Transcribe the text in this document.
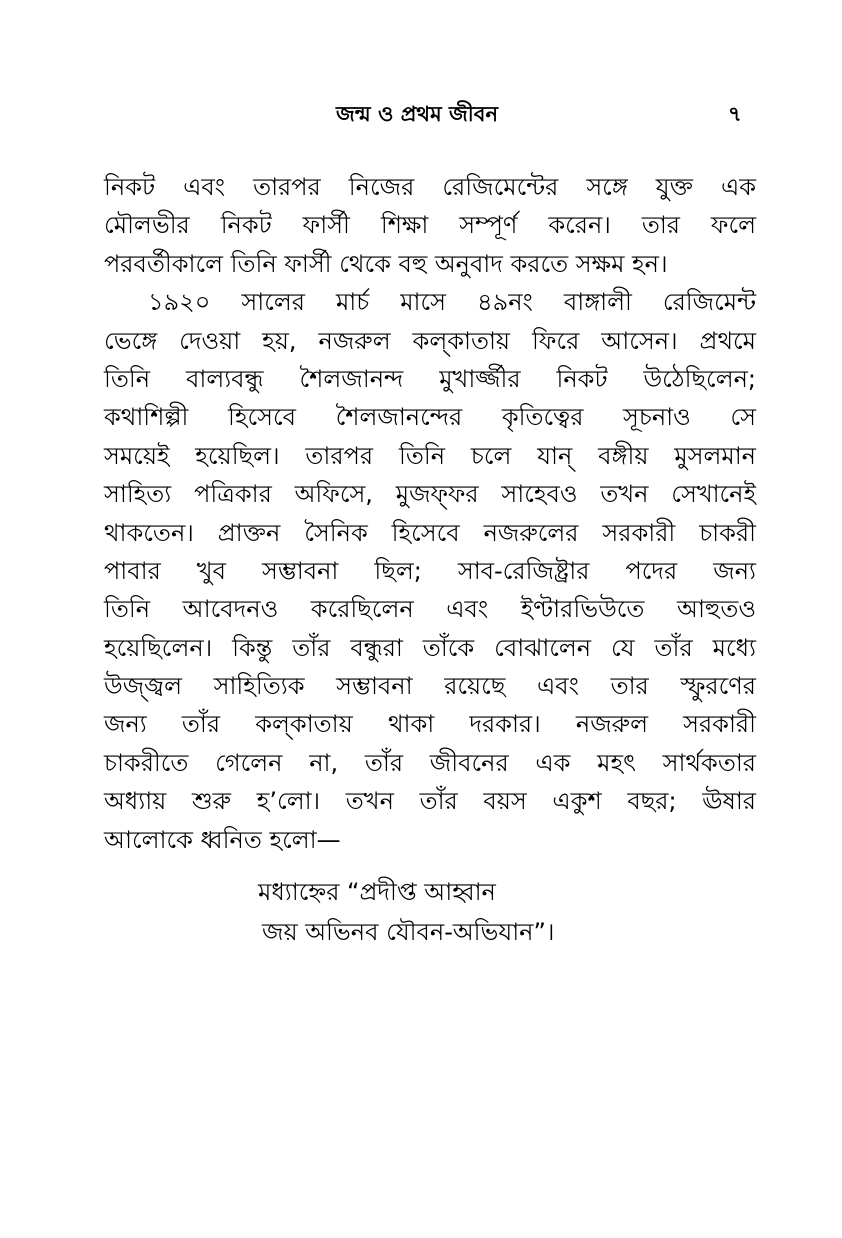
জন্ম ও প্রথম জীবন	৭
নিকট এবং তারপর নিজের রেজিমেন্টের সঙ্গে যুক্ত এক
মৌলভীর নিকট ফার্সী শিক্ষা সম্পূর্ণ করেন। তার ফলে
পরবর্তীকালে তিনি ফার্সী থেকে বহু অনুবাদ করতে সক্ষম হন।
১৯২০ সালের মার্চ মাসে ৪৯নং বাঙ্গালী রেজিমেন্ট
ভেঙ্গে দেওয়া হয়, নজরুল কল্‌কাতায় ফিরে আসেন। প্রথমে
তিনি বাল্যবন্ধু শৈলজানন্দ মুখার্জ্জীর নিকট উঠেছিলেন;
কথাশিল্পী হিসেবে শৈলজানন্দের কৃতিত্বের সূচনাও সে
সময়েই হয়েছিল। তারপর তিনি চলে যান্‌ বঙ্গীয় মুসলমান
সাহিত্য পত্রিকার অফিসে, মুজফ্ফর সাহেবও তখন সেখানেই
থাকতেন। প্রাক্তন সৈনিক হিসেবে নজরুলের সরকারী চাকরী
পাবার খুব সম্ভাবনা ছিল; সাব-রেজিষ্ট্রার পদের জন্য
তিনি আবেদনও করেছিলেন এবং ইণ্টারভিউতে আহুতও
হয়েছিলেন। কিন্তু তাঁর বন্ধুরা তাঁকে বোঝালেন যে তাঁর মধ্যে
উজ্জ্বল সাহিত্যিক সম্ভাবনা রয়েছে এবং তার স্ফুরণের
জন্য তাঁর কল্‌কাতায় থাকা দরকার। নজরুল সরকারী
চাকরীতে গেলেন না, তাঁর জীবনের এক মহৎ সার্থকতার
অধ্যায় শুরু হ’লো। তখন তাঁর বয়স একুশ বছর; ঊষার
আলোকে ধ্বনিত হলো—
মধ্যাহ্নের “প্রদীপ্ত আহ্বান
জয় অভিনব যৌবন-অভিযান”।
